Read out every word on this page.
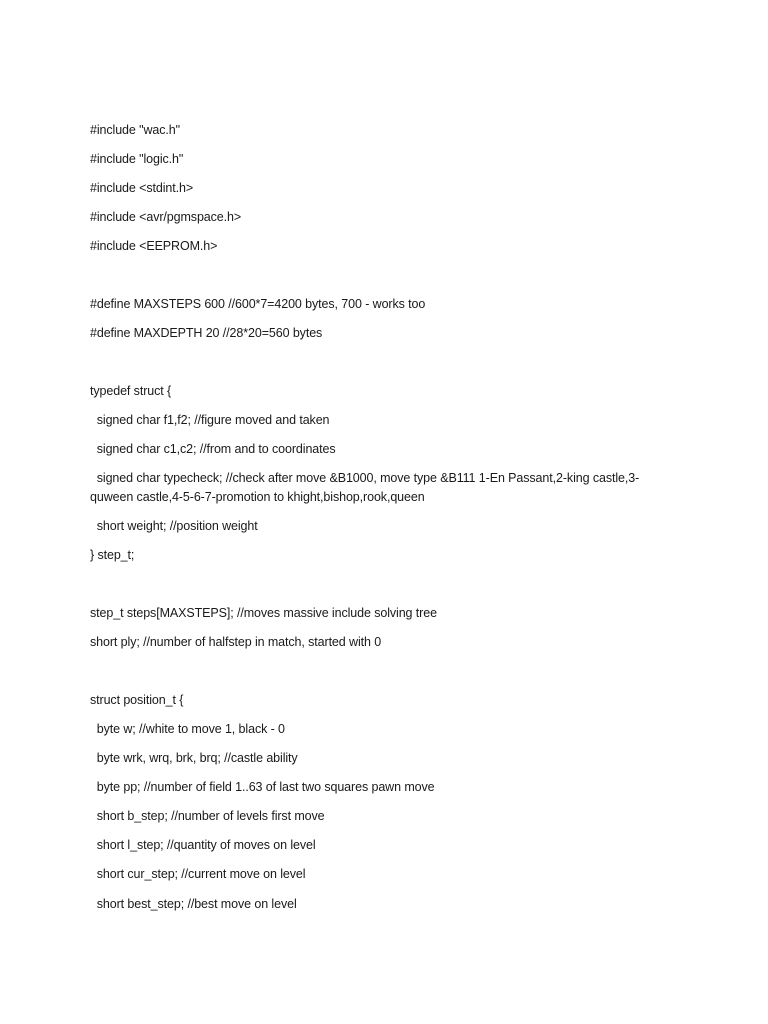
#include "wac.h"
#include "logic.h"
#include <stdint.h>
#include <avr/pgmspace.h>
#include <EEPROM.h>
#define MAXSTEPS 600 //600*7=4200 bytes, 700 - works too
#define MAXDEPTH 20 //28*20=560 bytes
typedef struct {
signed char f1,f2; //figure moved and taken
signed char c1,c2; //from and to coordinates
signed char typecheck; //check after move &B1000, move type &B111 1-En Passant,2-king castle,3-quween castle,4-5-6-7-promotion to khight,bishop,rook,queen
short weight; //position weight
} step_t;
step_t steps[MAXSTEPS]; //moves massive include solving tree
short ply; //number of halfstep in match, started with 0
struct position_t {
byte w; //white to move 1, black - 0
byte wrk, wrq, brk, brq; //castle ability
byte pp; //number of field 1..63 of last two squares pawn move
short b_step; //number of levels first move
short l_step; //quantity of moves on level
short cur_step; //current move on level
short best_step; //best move on level
